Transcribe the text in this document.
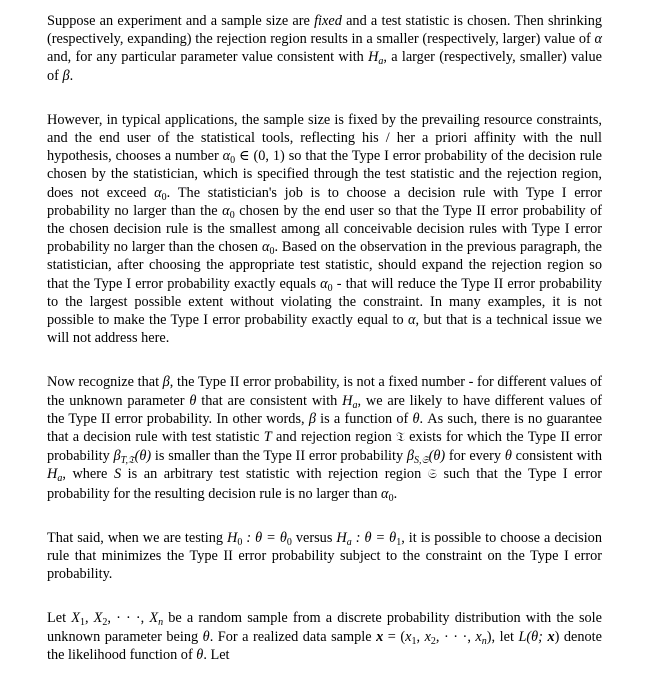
Suppose an experiment and a sample size are fixed and a test statistic is chosen. Then shrinking (respectively, expanding) the rejection region results in a smaller (respectively, larger) value of α and, for any particular parameter value consistent with $H_a$, a larger (respectively, smaller) value of β.

However, in typical applications, the sample size is fixed by the prevailing resource constraints, and the end user of the statistical tools, reflecting his / her a priori affinity with the null hypothesis, chooses a number $\alpha_0$ ∈ (0, 1) so that the Type I error probability of the decision rule chosen by the statistician, which is specified through the test statistic and the rejection region, does not exceed $\alpha_0$. The statistician's job is to choose a decision rule with Type I error probability no larger than the $\alpha_0$ chosen by the end user so that the Type II error probability of the chosen decision rule is the smallest among all conceivable decision rules with Type I error probability no larger than the chosen $\alpha_0$. Based on the observation in the previous paragraph, the statistician, after choosing the appropriate test statistic, should expand the rejection region so that the Type I error probability exactly equals $\alpha_0$ - that will reduce the Type II error probability to the largest possible extent without violating the constraint. In many examples, it is not possible to make the Type I error probability exactly equal to α, but that is a technical issue we will not address here.

Now recognize that β, the Type II error probability, is not a fixed number - for different values of the unknown parameter θ that are consistent with $H_a$, we are likely to have different values of the Type II error probability. In other words, β is a function of θ. As such, there is no guarantee that a decision rule with test statistic T and rejection region 𝔗 exists for which the Type II error probability $\beta_{T,𝔗}(\theta)$ is smaller than the Type II error probability $\beta_{S,𝔖}(\theta)$ for every θ consistent with $H_a$, where S is an arbitrary test statistic with rejection region 𝔖 such that the Type I error probability for the resulting decision rule is no larger than $\alpha_0$.

That said, when we are testing $H_0$ : $\theta = \theta_0$ versus $H_a$ : $\theta = \theta_1$, it is possible to choose a decision rule that minimizes the Type II error probability subject to the constraint on the Type I error probability.

Let $X_1$, $X_2$, · · ·, $X_n$ be a random sample from a discrete probability distribution with the sole unknown parameter being θ. For a realized data sample $x = (x_1$, $x_2$, · · ·, $x_n$), let L(θ; x) denote the likelihood function of θ. Let
